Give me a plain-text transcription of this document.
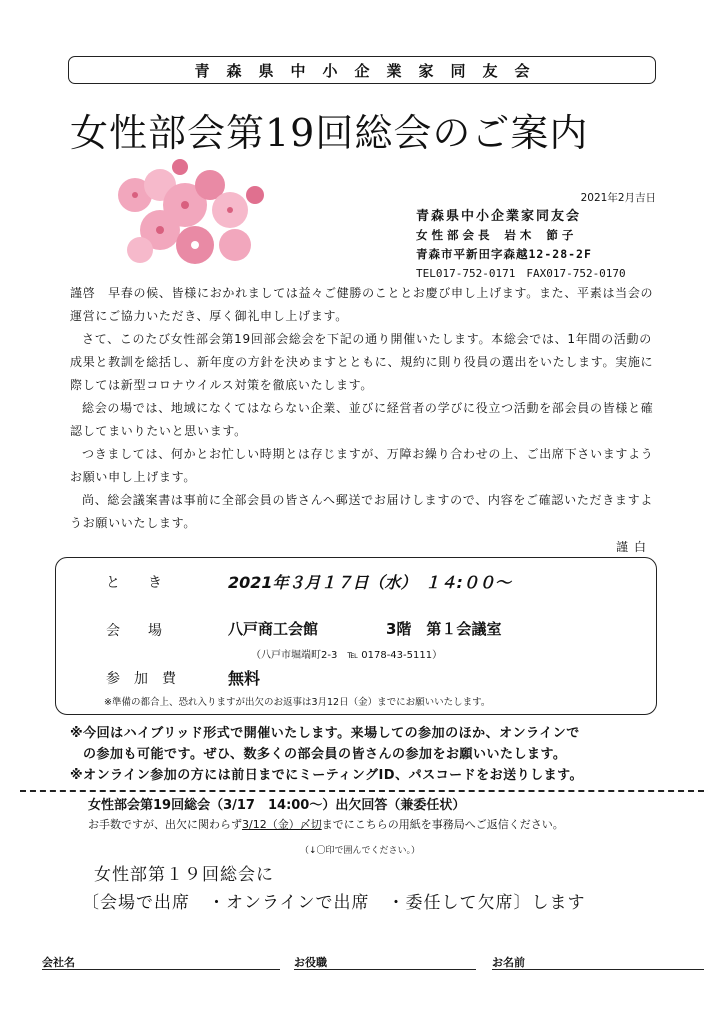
青森県中小企業家同友会
女性部会第19回総会のご案内
2021年2月吉日
青森県中小企業家同友会
女性部会長 岩木 節子
青森市平新田字森越12-28-2F
TEL017-752-0171　FAX017-752-0170

謹啓　早春の候、皆様におかれましては益々ご健勝のこととお慶び申し上げます。また、平素は当会の運営にご協力いただき、厚く御礼申し上げます。

さて、このたび女性部会第19回部会総会を下記の通り開催いたします。本総会では、1年間の活動の成果と教訓を総括し、新年度の方針を決めますとともに、規約に則り役員の選出をいたします。実施に際しては新型コロナウイルス対策を徹底いたします。

総会の場では、地域になくてはならない企業、並びに経営者の学びに役立つ活動を部会員の皆様と確認してまいりたいと思います。

つきましては、何かとお忙しい時期とは存じますが、万障お繰り合わせの上、ご出席下さいますようお願い申し上げます。

尚、総会議案書は事前に全部会員の皆さんへ郵送でお届けしますので、内容をご確認いただきますようお願いいたします。

謹白
と　　き	2021年３月１７日（水）　１４:００〜
会　　場	八戸商工会館	3階　第１会議室
（八戸市堀端町2-3　℡ 0178-43-5111）
参　加　費	無料
※準備の都合上、恐れ入りますが出欠のお返事は3月12日（金）までにお願いいたします。
※今回はハイブリッド形式で開催いたします。来場しての参加のほか、オンラインで
の参加も可能です。ぜひ、数多くの部会員の皆さんの参加をお願いいたします。
※オンライン参加の方には前日までにミーティングID、パスコードをお送りします。
女性部会第19回総会（3/17　14:00〜）出欠回答（兼委任状）
お手数ですが、出欠に関わらず3/12（金）〆切までにこちらの用紙を事務局へご返信ください。
（↓〇印で囲んでください。）
女性部第１９回総会に
〔会場で出席　・オンラインで出席　・委任して欠席〕します
会社名	お役職	お名前
